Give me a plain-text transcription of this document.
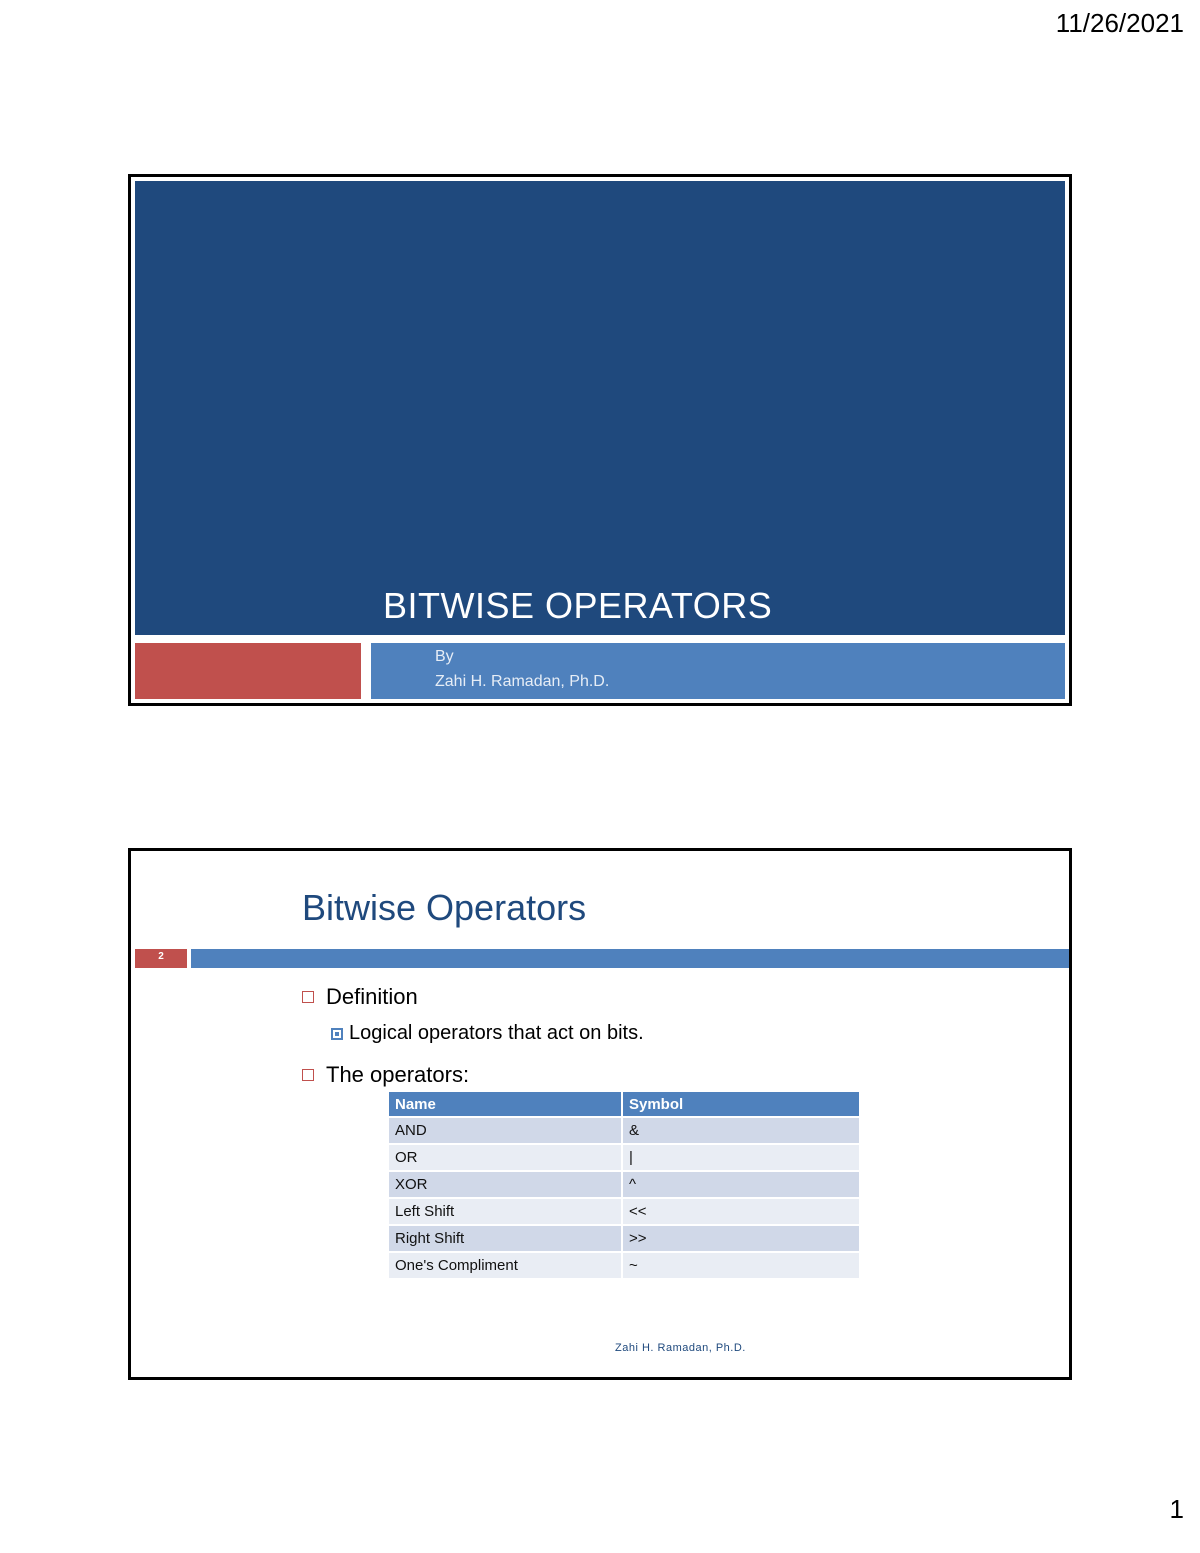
11/26/2021
BITWISE OPERATORS
By
Zahi H. Ramadan, Ph.D.
Bitwise Operators
2
Definition
Logical operators that act on bits.
The operators:
Name	Symbol
AND	&
OR	|
XOR	^
Left Shift	<<
Right Shift	>>
One's Compliment	~
Zahi H. Ramadan, Ph.D.
1
